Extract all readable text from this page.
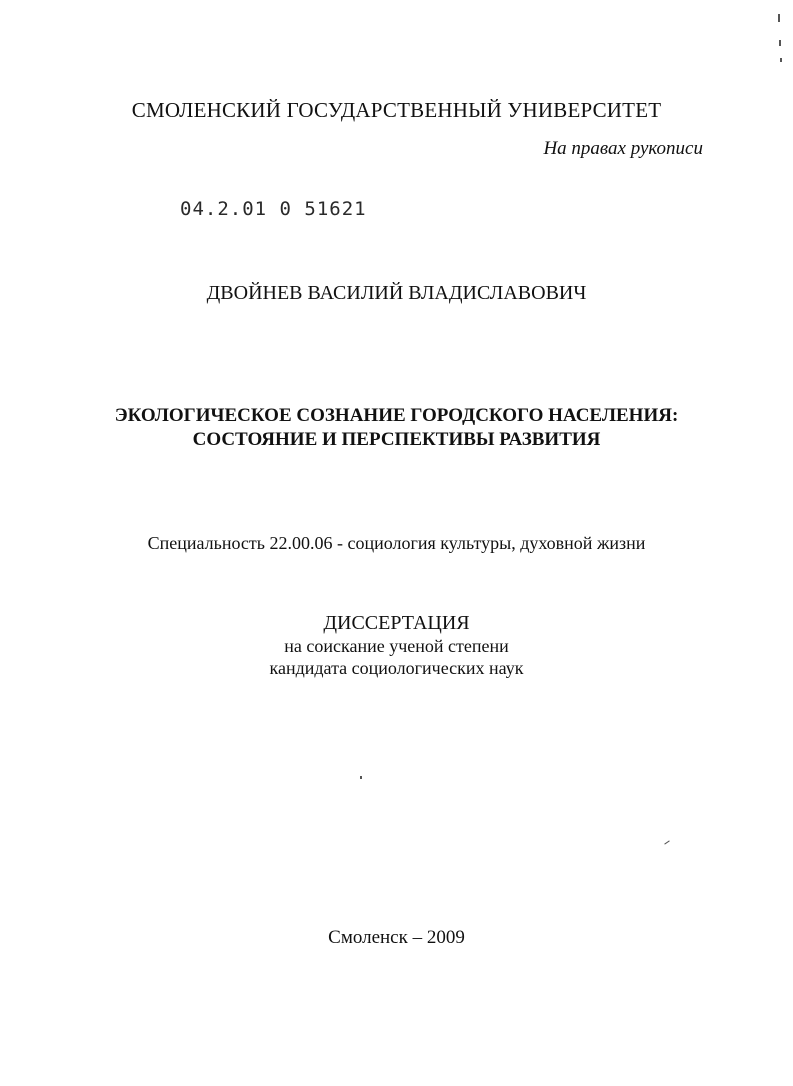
СМОЛЕНСКИЙ ГОСУДАРСТВЕННЫЙ УНИВЕРСИТЕТ
На правах рукописи
04.2.01 0 51621
ДВОЙНЕВ ВАСИЛИЙ ВЛАДИСЛАВОВИЧ
ЭКОЛОГИЧЕСКОЕ СОЗНАНИЕ ГОРОДСКОГО НАСЕЛЕНИЯ:
СОСТОЯНИЕ И ПЕРСПЕКТИВЫ РАЗВИТИЯ
Специальность 22.00.06 - социология культуры, духовной жизни
ДИССЕРТАЦИЯ
на соискание ученой степени
кандидата социологических наук
Смоленск – 2009
